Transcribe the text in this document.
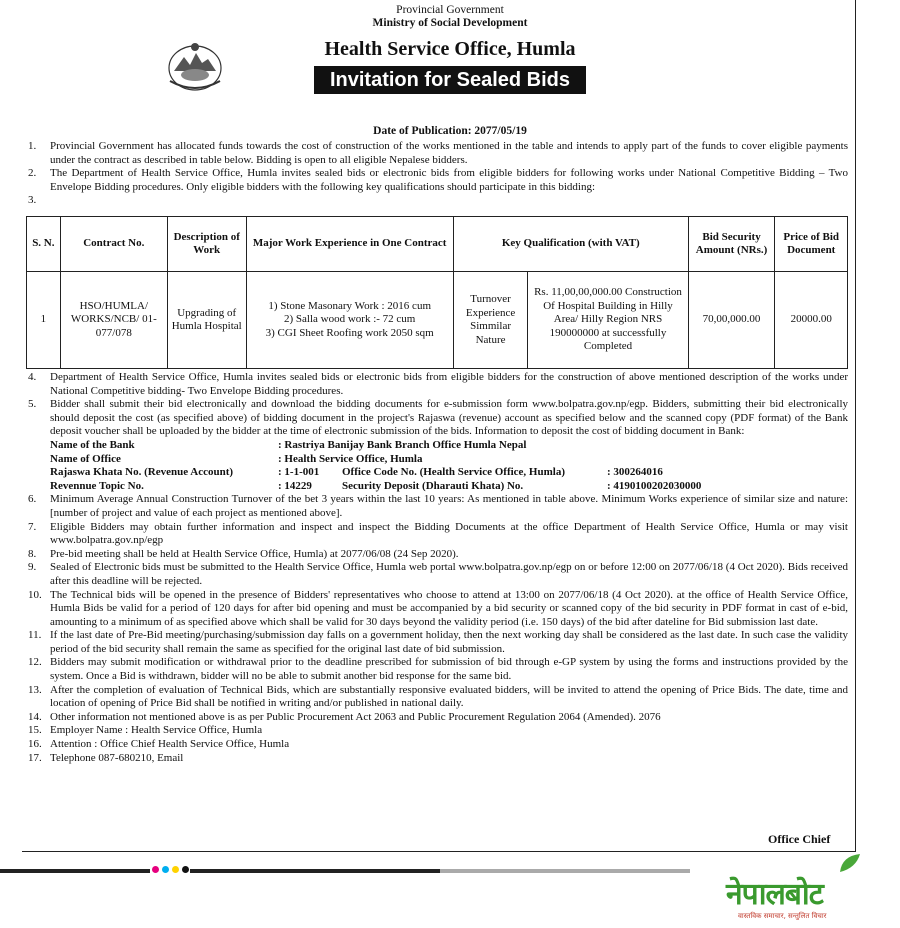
Provincial Government
Ministry of Social Development
Health Service Office, Humla
Invitation for Sealed Bids
Date of Publication: 2077/05/19
1.	Provincial Government has allocated funds towards the cost of construction of the works mentioned in the table and intends to apply part of the funds to cover eligible payments under the contract as described in table below. Bidding is open to all eligible Nepalese bidders.
2.	The Department of Health Service Office, Humla invites sealed bids or electronic bids from eligible bidders for following works under National Competitive Bidding – Two Envelope Bidding procedures. Only eligible bidders with the following key qualifications should participate in this bidding:
3.
S. N.	Contract No.	Description of Work	Major Work Experience in One Contract	Key Qualification (with VAT)		Bid Security Amount (NRs.)	Price of Bid Document
1	HSO/HUMLA/ WORKS/NCB/ 01-077/078	Upgrading of Humla Hospital	1) Stone Masonary Work : 2016 cum
2) Salla wood work :- 72 cum
3) CGI Sheet Roofing work 2050 sqm	Turnover Experience Simmilar Nature	Rs. 11,00,00,000.00 Construction Of Hospital Building in Hilly Area/ Hilly Region NRS 190000000 at successfully Completed	70,00,000.00	20000.00
4.	Department of Health Service Office, Humla invites sealed bids or electronic bids from eligible bidders for the construction of above mentioned description of the works under National Competitive bidding- Two Envelope Bidding procedures.
5.	Bidder shall submit their bid electronically and download the bidding documents for e-submission form www.bolpatra.gov.np/egp. Bidders, submitting their bid electronically should deposit the cost (as specified above) of bidding document in the project's Rajaswa (revenue) account as specified below and the scanned copy (PDF format) of the Bank deposit voucher shall be uploaded by the bidder at the time of electronic submission of the bids. Information to deposit the cost of bidding document in Bank:
Name of the Bank	: Rastriya Banijay Bank Branch Office Humla Nepal
Name of Office	: Health Service Office, Humla
Rajaswa Khata No. (Revenue Account)	: 1-1-001	Office Code No. (Health Service Office, Humla)	: 300264016
Revennue Topic No.	: 14229	Security Deposit (Dharauti Khata) No.	: 4190100202030000
6.	Minimum Average Annual Construction Turnover of the bet 3 years within the last 10 years: As mentioned in table above. Minimum Works experience of similar size and nature: [number of project and value of each project as mentioned above].
7.	Eligible Bidders may obtain further information and inspect and inspect the Bidding Documents at the office Department of Health Service Office, Humla or may visit www.bolpatra.gov.np/egp
8.	Pre-bid meeting shall be held at Health Service Office, Humla) at 2077/06/08 (24 Sep 2020).
9.	Sealed of Electronic bids must be submitted to the Health Service Office, Humla web portal www.bolpatra.gov.np/egp on or before 12:00 on 2077/06/18 (4 Oct 2020). Bids received after this deadline will be rejected.
10. The Technical bids will be opened in the presence of Bidders' representatives who choose to attend at 13:00 on 2077/06/18 (4 Oct 2020). at the office of Health Service Office, Humla Bids be valid for a period of 120 days for after bid opening and must be accompanied by a bid security or scanned copy of the bid security in PDF format in cast of e-bid, amounting to a minimum of as specified above which shall be valid for 30 days beyond the validity period (i.e. 150 days) of the bid after dateline for Bid submission last date.
11. If the last date of Pre-Bid meeting/purchasing/submission day falls on a government holiday, then the next working day shall be considered as the last date. In such case the validity period of the bid security shall remain the same as specified for the original last date of bid submission.
12. Bidders may submit modification or withdrawal prior to the deadline prescribed for submission of bid through e-GP system by using the forms and instructions provided by the system. Once a Bid is withdrawn, bidder will no be able to submit another bid response for the same bid.
13. After the completion of evaluation of Technical Bids, which are substantially responsive evaluated bidders, will be invited to attend the opening of Price Bids. The date, time and location of opening of Price Bid shall be notified in writing and/or published in national daily.
14. Other information not mentioned above is as per Public Procurement Act 2063 and Public Procurement Regulation 2064 (Amended). 2076
15. Employer Name : Health Service Office, Humla
16. Attention : Office Chief Health Service Office, Humla
17. Telephone 087-680210, Email
Office Chief
नेपालबोट
वास्तविक समाचार, सन्तुलित विचार
